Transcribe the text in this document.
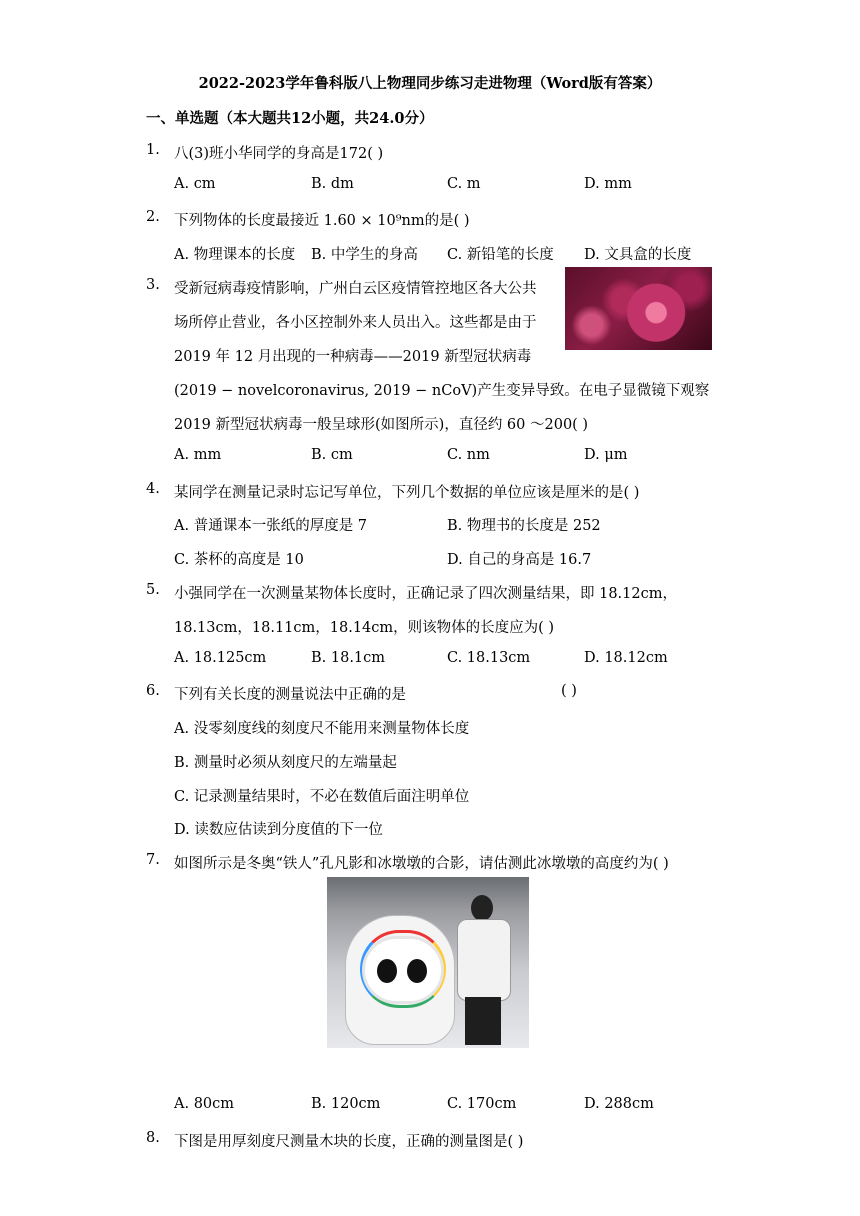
2022-2023学年鲁科版八上物理同步练习走进物理（Word版有答案）
一、单选题（本大题共12小题，共24.0分）
1. 八(3)班小华同学的身高是172( )
A. cm	B. dm	C. m	D. mm
2. 下列物体的长度最接近 1.60 × 10⁹nm的是( )
A. 物理课本的长度 B. 中学生的身高 C. 新铅笔的长度 D. 文具盒的长度
3. 受新冠病毒疫情影响，广州白云区疫情管控地区各大公共
场所停止营业，各小区控制外来人员出入。这些都是由于
2019 年 12 月出现的一种病毒——2019 新型冠状病毒
(2019 − novelcoronavirus, 2019 − nCoV)产生变异导致。在电子显微镜下观察
2019 新型冠状病毒一般呈球形(如图所示)，直径约 60 ～200( )
A. mm	B. cm	C. nm	D. μm
4. 某同学在测量记录时忘记写单位，下列几个数据的单位应该是厘米的是( )
A. 普通课本一张纸的厚度是 7	B. 物理书的长度是 252
C. 茶杯的高度是 10	D. 自己的身高是 16.7
5. 小强同学在一次测量某物体长度时，正确记录了四次测量结果，即 18.12cm，
18.13cm，18.11cm，18.14cm，则该物体的长度应为( )
A. 18.125cm	B. 18.1cm	C. 18.13cm	D. 18.12cm
6. 下列有关长度的测量说法中正确的是	( )
A. 没零刻度线的刻度尺不能用来测量物体长度
B. 测量时必须从刻度尺的左端量起
C. 记录测量结果时，不必在数值后面注明单位
D. 读数应估读到分度值的下一位
7. 如图所示是冬奥“铁人”孔凡影和冰墩墩的合影，请估测此冰墩墩的高度约为( )
A. 80cm	B. 120cm	C. 170cm	D. 288cm
8. 下图是用厚刻度尺测量木块的长度，正确的测量图是( )
